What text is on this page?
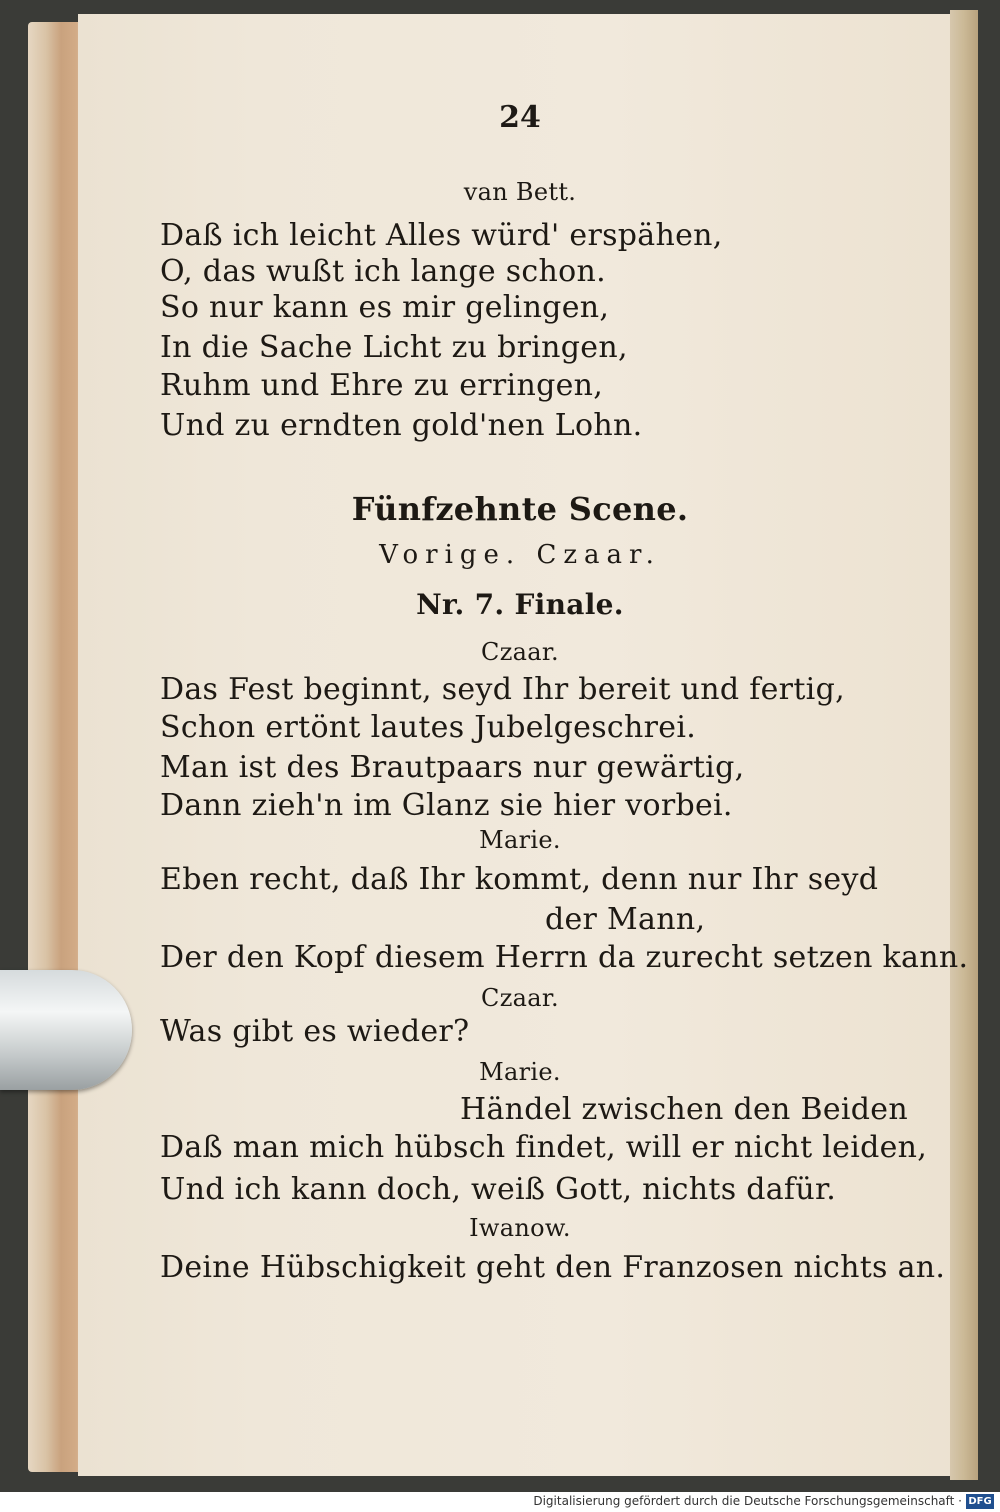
24
van Bett.
Daß ich leicht Alles würd' erspähen,
O, das wußt ich lange schon.
So nur kann es mir gelingen,
In die Sache Licht zu bringen,
Ruhm und Ehre zu erringen,
Und zu erndten gold'nen Lohn.
Fünfzehnte Scene.
Vorige. Czaar.
Nr. 7. Finale.
Czaar.
Das Fest beginnt, seyd Ihr bereit und fertig,
Schon ertönt lautes Jubelgeschrei.
Man ist des Brautpaars nur gewärtig,
Dann zieh'n im Glanz sie hier vorbei.
Marie.
Eben recht, daß Ihr kommt, denn nur Ihr seyd
der Mann,
Der den Kopf diesem Herrn da zurecht setzen kann.
Czaar.
Was gibt es wieder?
Marie.
Händel zwischen den Beiden
Daß man mich hübsch findet, will er nicht leiden,
Und ich kann doch, weiß Gott, nichts dafür.
Iwanow.
Deine Hübschigkeit geht den Franzosen nichts an.
Digitalisierung gefördert durch die Deutsche Forschungsgemeinschaft · DFG
